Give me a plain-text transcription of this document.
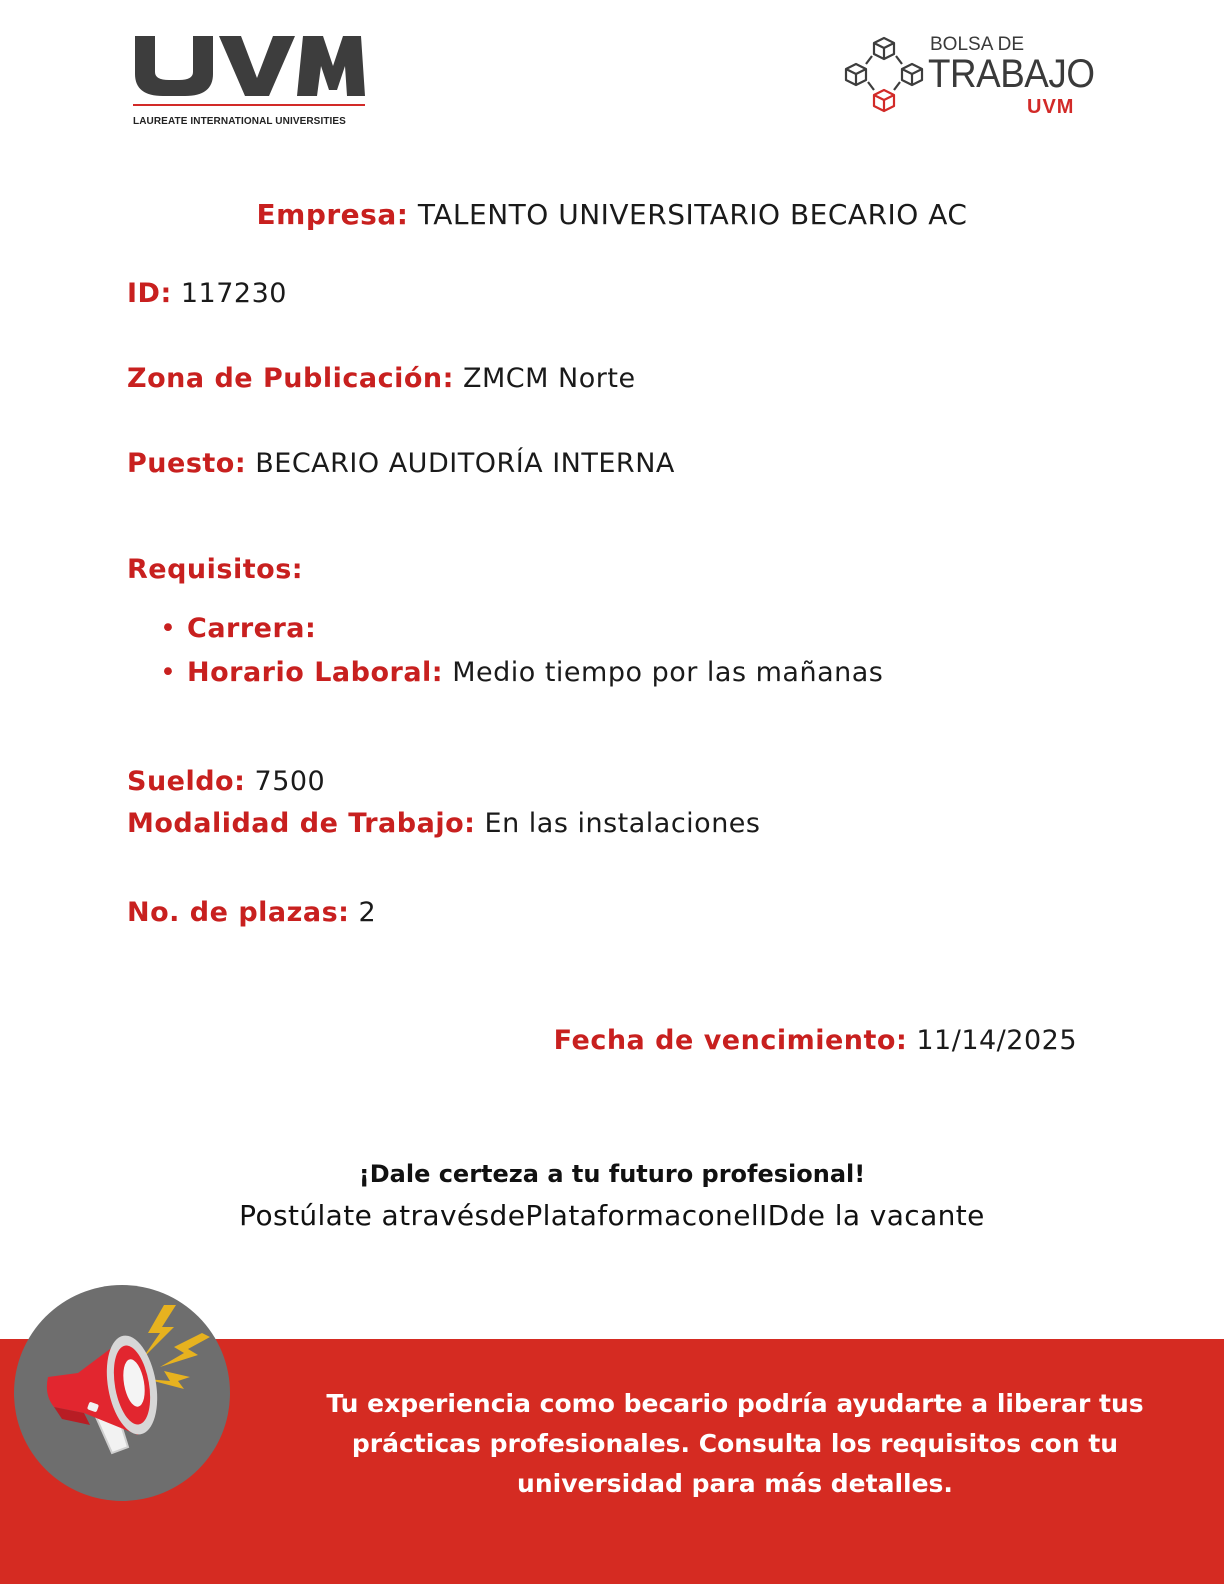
LAUREATE INTERNATIONAL UNIVERSITIES
BOLSA DE
TRABAJO
UVM
Empresa: TALENTO UNIVERSITARIO BECARIO AC
ID: 117230
Zona de Publicación: ZMCM Norte
Puesto: BECARIO AUDITORÍA INTERNA
Requisitos:
• Carrera:
• Horario Laboral: Medio tiempo por las mañanas
Sueldo: 7500
Modalidad de Trabajo: En las instalaciones
No. de plazas: 2
Fecha de vencimiento: 11/14/2025
¡Dale certeza a tu futuro profesional!
Postúlate atravésdePlataformaconelIDde la vacante
Tu experiencia como becario podría ayudarte a liberar tus prácticas profesionales. Consulta los requisitos con tu universidad para más detalles.
